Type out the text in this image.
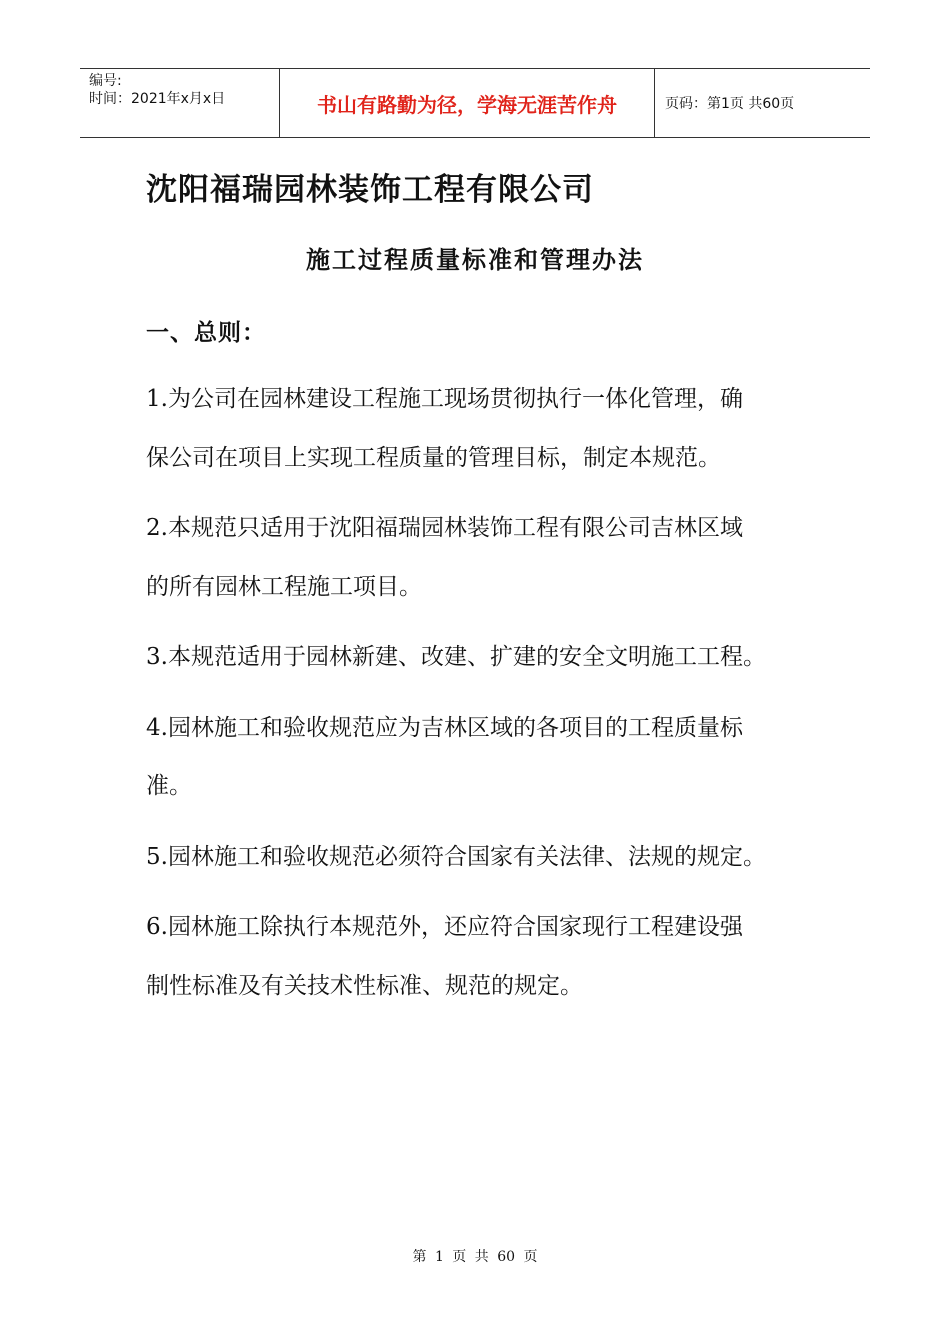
编号:
时间：2021年x月x日	书山有路勤为径，学海无涯苦作舟	页码：第1页 共60页
沈阳福瑞园林装饰工程有限公司
施工过程质量标准和管理办法
一、总则：

1.为公司在园林建设工程施工现场贯彻执行一体化管理，确
保公司在项目上实现工程质量的管理目标，制定本规范。

2.本规范只适用于沈阳福瑞园林装饰工程有限公司吉林区域
的所有园林工程施工项目。

3.本规范适用于园林新建、改建、扩建的安全文明施工工程。

4.园林施工和验收规范应为吉林区域的各项目的工程质量标
准。

5.园林施工和验收规范必须符合国家有关法律、法规的规定。

6.园林施工除执行本规范外，还应符合国家现行工程建设强
制性标准及有关技术性标准、规范的规定。

第 1 页 共 60 页
